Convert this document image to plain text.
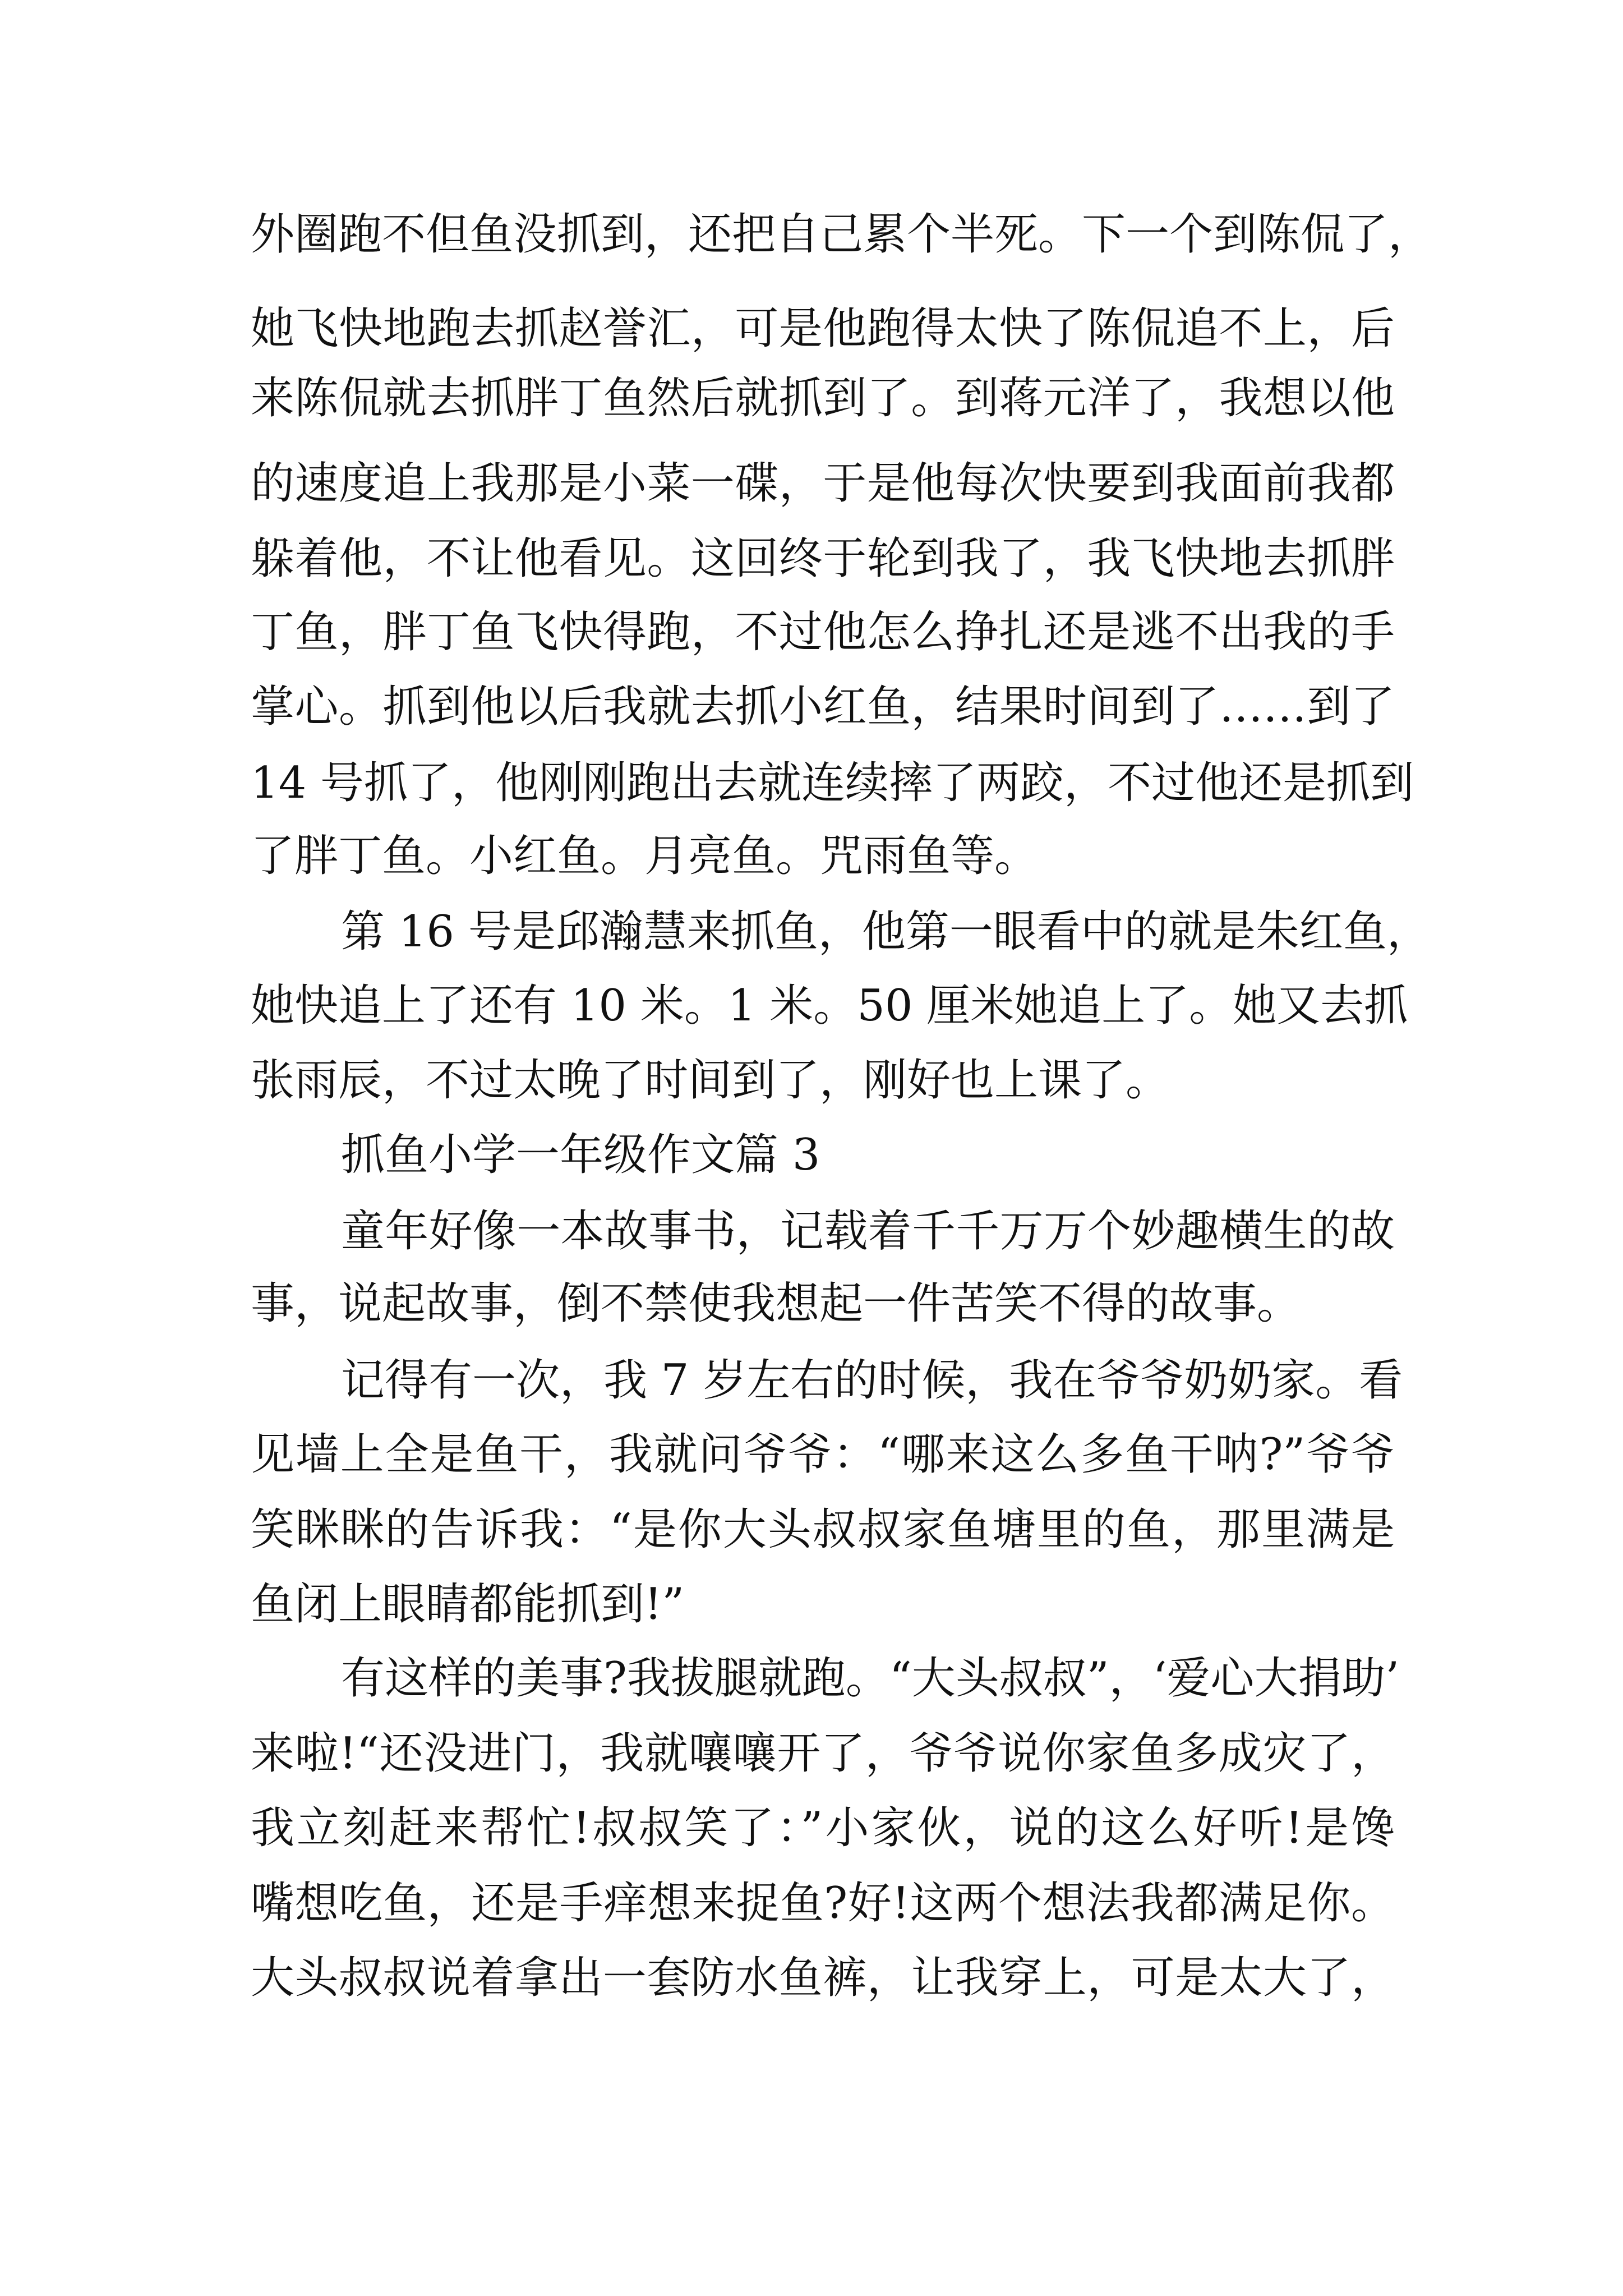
外圈跑不但鱼没抓到，还把自己累个半死。下一个到陈侃了，
她飞快地跑去抓赵誉汇，可是他跑得太快了陈侃追不上，后
来陈侃就去抓胖丁鱼然后就抓到了。到蒋元洋了，我想以他
的速度追上我那是小菜一碟，于是他每次快要到我面前我都
躲着他，不让他看见。这回终于轮到我了，我飞快地去抓胖
丁鱼，胖丁鱼飞快得跑，不过他怎么挣扎还是逃不出我的手
掌心。抓到他以后我就去抓小红鱼，结果时间到了……到了
14 号抓了，他刚刚跑出去就连续摔了两跤，不过他还是抓到
了胖丁鱼。小红鱼。月亮鱼。咒雨鱼等。
第 16 号是邱瀚慧来抓鱼，他第一眼看中的就是朱红鱼，
她快追上了还有 10 米。1 米。50 厘米她追上了。她又去抓
张雨辰，不过太晚了时间到了，刚好也上课了。
抓鱼小学一年级作文篇 3
童年好像一本故事书，记载着千千万万个妙趣横生的故
事，说起故事，倒不禁使我想起一件苦笑不得的故事。
记得有一次，我 7 岁左右的时候，我在爷爷奶奶家。看
见墙上全是鱼干，我就问爷爷：“哪来这么多鱼干呐?”爷爷
笑眯眯的告诉我：“是你大头叔叔家鱼塘里的鱼，那里满是
鱼闭上眼睛都能抓到!”
有这样的美事?我拔腿就跑。“大头叔叔”，‘爱心大捐助’
来啦!“还没进门，我就嚷嚷开了，爷爷说你家鱼多成灾了，
我立刻赶来帮忙!叔叔笑了：”小家伙，说的这么好听!是馋
嘴想吃鱼，还是手痒想来捉鱼?好!这两个想法我都满足你。
大头叔叔说着拿出一套防水鱼裤，让我穿上，可是太大了，
